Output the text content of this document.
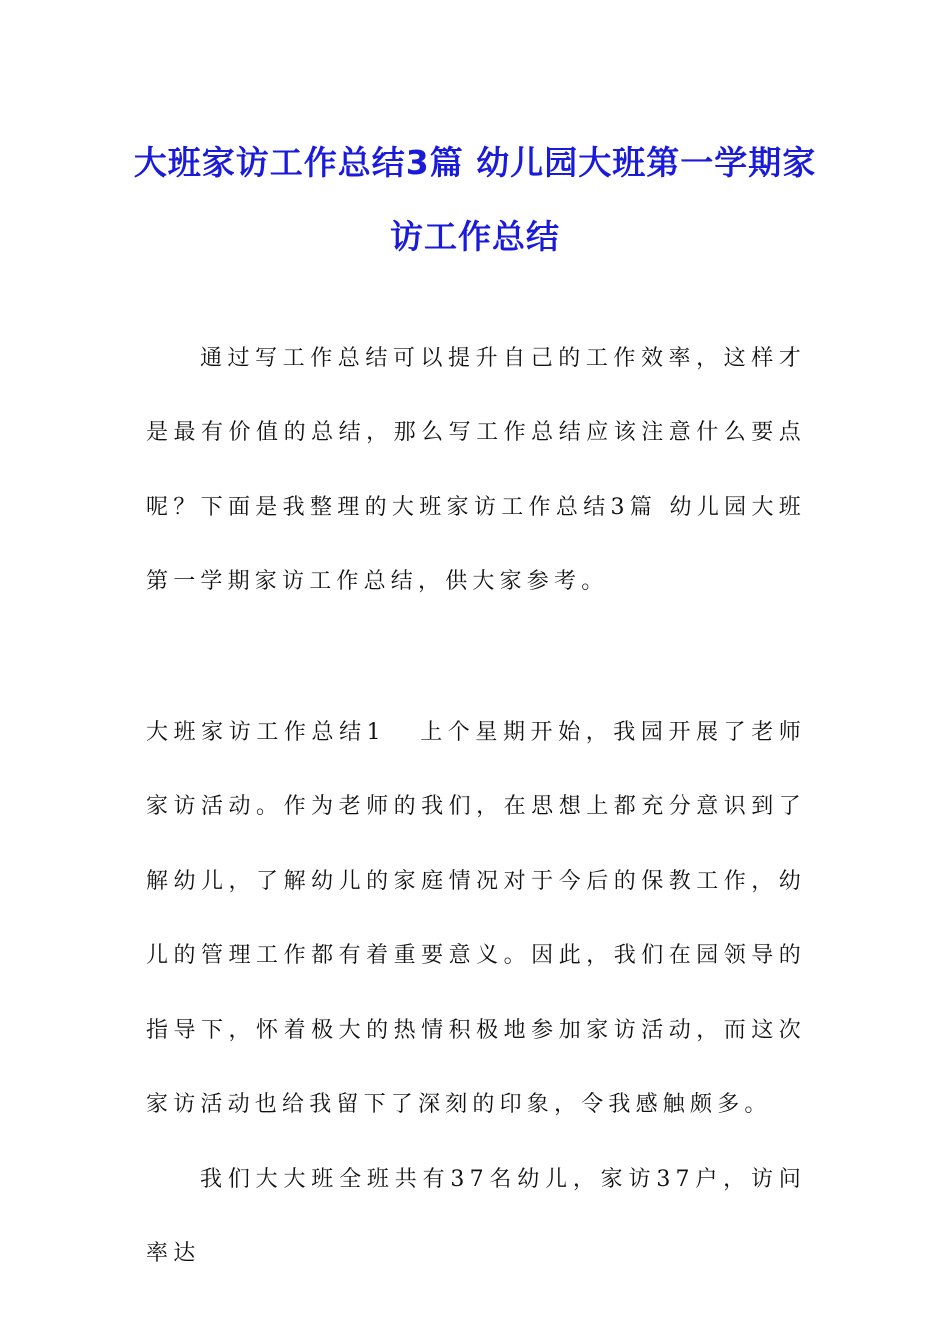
大班家访工作总结3篇 幼儿园大班第一学期家访工作总结

通过写工作总结可以提升自己的工作效率，这样才是最有价值的总结，那么写工作总结应该注意什么要点呢？下面是我整理的大班家访工作总结3篇 幼儿园大班第一学期家访工作总结，供大家参考。

大班家访工作总结1 上个星期开始，我园开展了老师家访活动。作为老师的我们，在思想上都充分意识到了解幼儿，了解幼儿的家庭情况对于今后的保教工作，幼儿的管理工作都有着重要意义。因此，我们在园领导的指导下，怀着极大的热情积极地参加家访活动，而这次家访活动也给我留下了深刻的印象，令我感触颇多。

我们大大班全班共有37名幼儿，家访37户，访问率达
